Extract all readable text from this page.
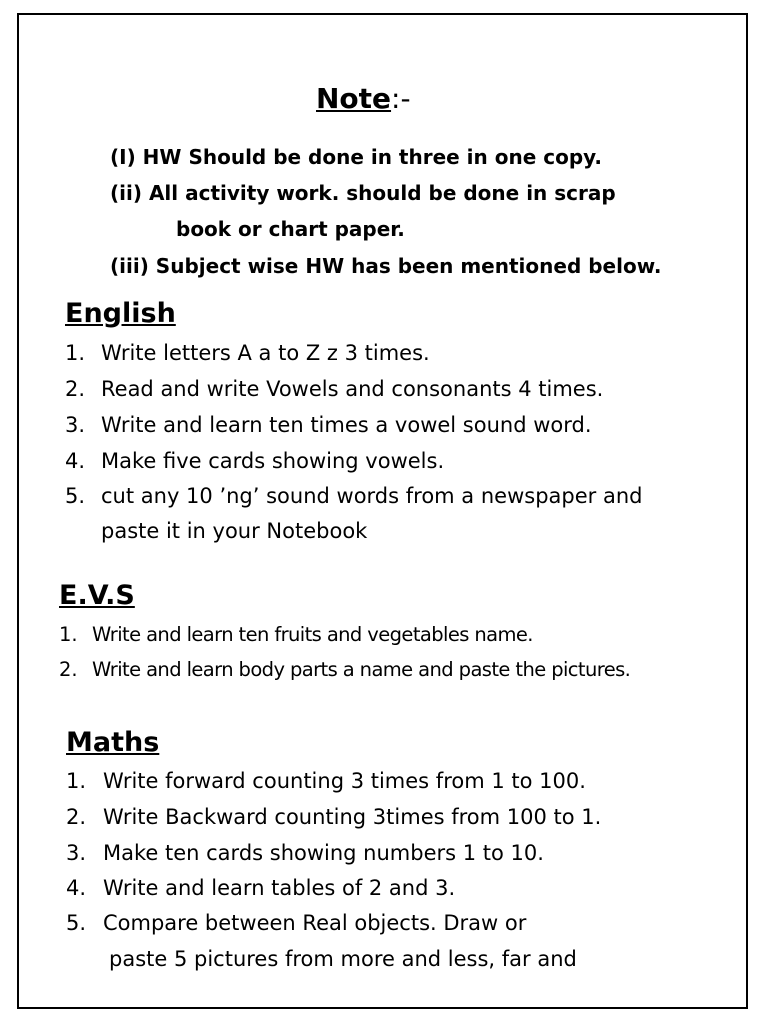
Note:-
(I) HW Should be done in three in one copy.
(ii) All activity work. should be done in scrap
book or chart paper.
(iii) Subject wise HW has been mentioned below.
English
1. Write letters A a to Z z 3 times.
2. Read and write Vowels and consonants 4 times.
3. Write and learn ten times a vowel sound word.
4. Make five cards showing vowels.
5. cut any 10 ’ng’ sound words from a newspaper and
paste it in your Notebook
E.V.S
1. Write and learn ten fruits and vegetables name.
2. Write and learn body parts a name and paste the pictures.
Maths
1. Write forward counting 3 times from 1 to 100.
2. Write Backward counting 3times from 100 to 1.
3. Make ten cards showing numbers 1 to 10.
4. Write and learn tables of 2 and 3.
5. Compare between Real objects. Draw or
paste 5 pictures from more and less, far and
